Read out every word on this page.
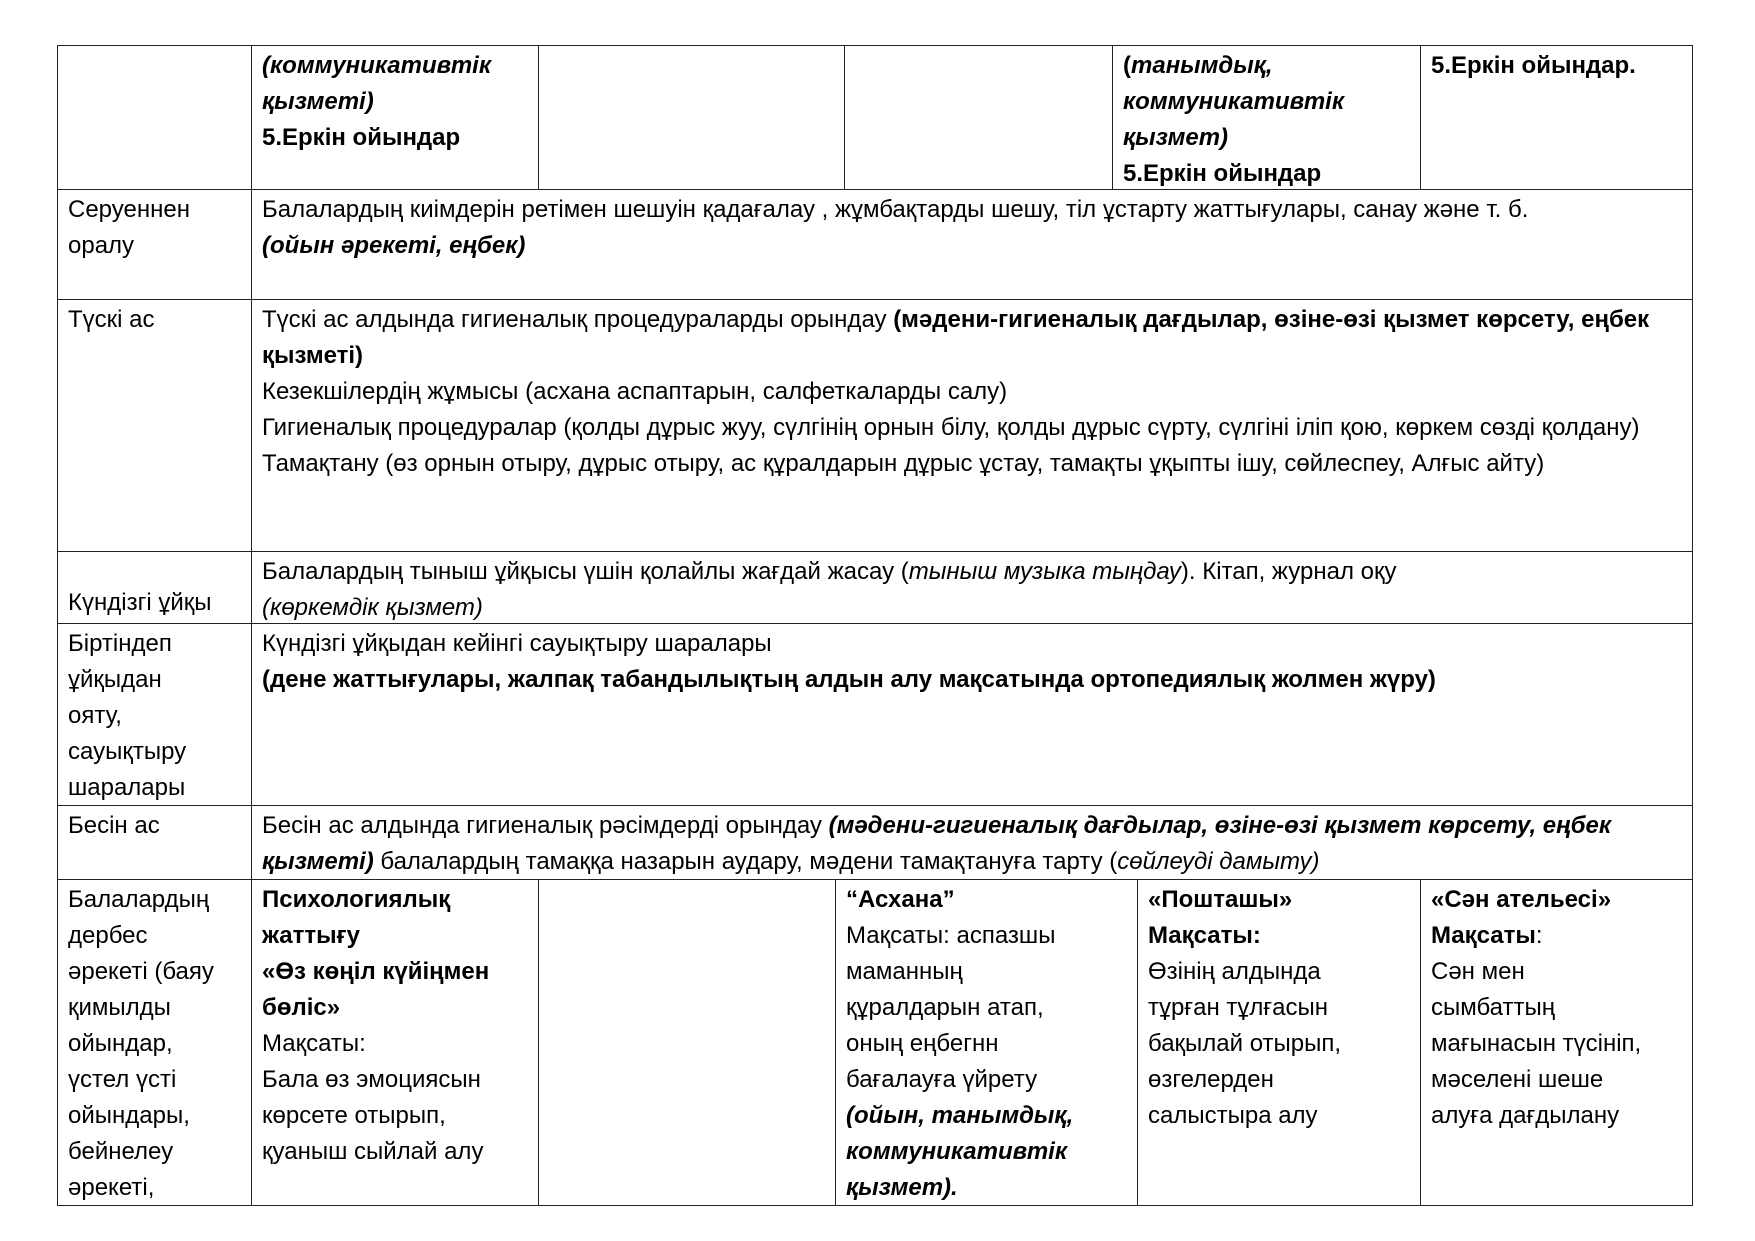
(коммуникативтік
қызметі)
5.Еркін ойындар
(танымдық,
коммуникативтік
қызмет)
5.Еркін ойындар
5.Еркін ойындар.
Серуеннен
оралу
Балалардың киімдерін ретімен шешуін қадағалау , жұмбақтарды шешу, тіл ұстарту жаттығулары, санау және т. б.
(ойын әрекеті, еңбек)
Түскі ас	Түскі ас алдында гигиеналық процедураларды орындау (мәдени-гигиеналық дағдылар, өзіне-өзі қызмет көрсету, еңбек қызметі)
Кезекшілердің жұмысы (асхана аспаптарын, салфеткаларды салу)
Гигиеналық процедуралар (қолды дұрыс жуу, сүлгінің орнын білу, қолды дұрыс сүрту, сүлгіні іліп қою, көркем сөзді қолдану)
Тамақтану (өз орнын отыру, дұрыс отыру, ас құралдарын дұрыс ұстау, тамақты ұқыпты ішу, сөйлеспеу, Алғыс айту)
Күндізгі ұйқы
Балалардың тыныш ұйқысы үшін қолайлы жағдай жасау (тыныш музыка тыңдау). Кітап, журнал оқу
(көркемдік қызмет)
Біртіндеп
ұйқыдан
ояту,
сауықтыру
шаралары
Күндізгі ұйқыдан кейінгі сауықтыру шаралары
(дене жаттығулары, жалпақ табандылықтың алдын алу мақсатында ортопедиялық жолмен жүру)
Бесін ас	Бесін ас алдында гигиеналық рәсімдерді орындау (мәдени-гигиеналық дағдылар, өзіне-өзі қызмет көрсету, еңбек қызметі) балалардың тамаққа назарын аудару, мәдени тамақтануға тарту (сөйлеуді дамыту)
Балалардың
дербес
әрекеті (баяу
қимылды
ойындар,
үстел үсті
ойындары,
бейнелеу
әрекеті,
Психологиялық
жаттығу
«Өз көңіл күйіңмен
бөліс»
Мақсаты:
Бала өз эмоциясын
көрсете отырып,
қуаныш сыйлай алу
“Асхана”
Мақсаты: аспазшы
маманның
құралдарын атап,
оның еңбегнн
бағалауға үйрету
(ойын, танымдық,
коммуникативтік
қызмет).
«Пошташы»
Мақсаты:
Өзінің алдында
тұрған тұлғасын
бақылай отырып,
өзгелерден
салыстыра алу
«Сән ательесі»
Мақсаты:
Сән мен
сымбаттың
мағынасын түсініп,
мәселені шеше
алуға дағдылану
